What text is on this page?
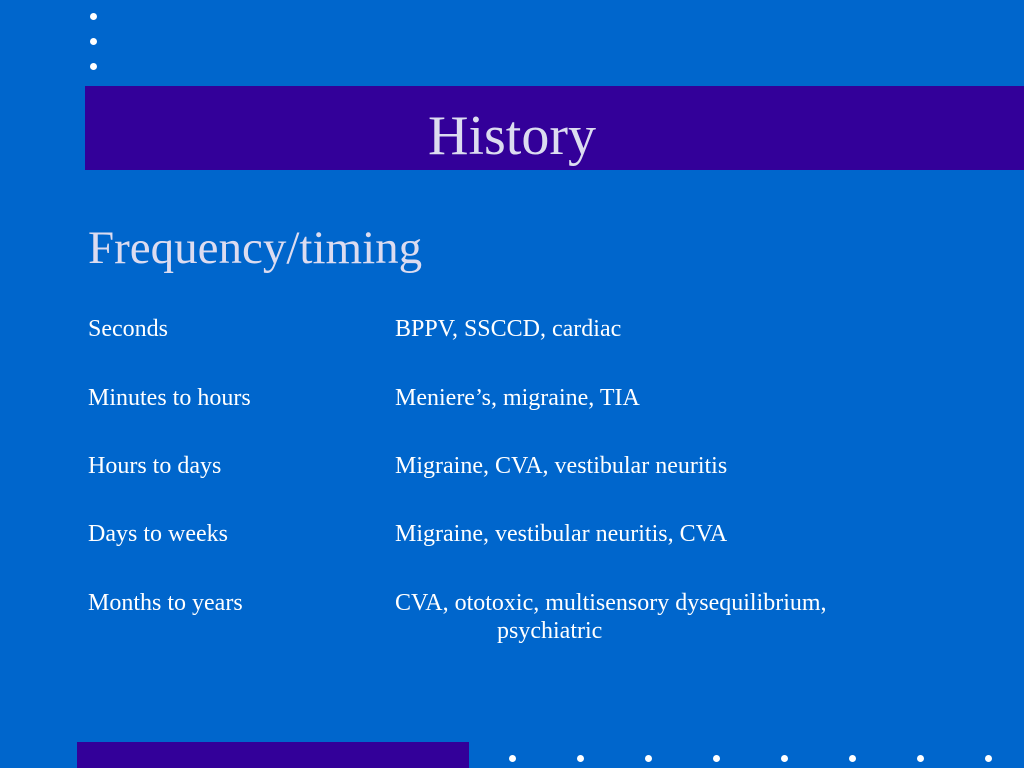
History
Frequency/timing
Seconds	BPPV, SSCCD, cardiac
Minutes to hours	Meniere’s, migraine, TIA
Hours to days	Migraine, CVA, vestibular neuritis
Days to weeks	Migraine, vestibular neuritis, CVA
Months to years	CVA, ototoxic, multisensory dysequilibrium,
psychiatric
